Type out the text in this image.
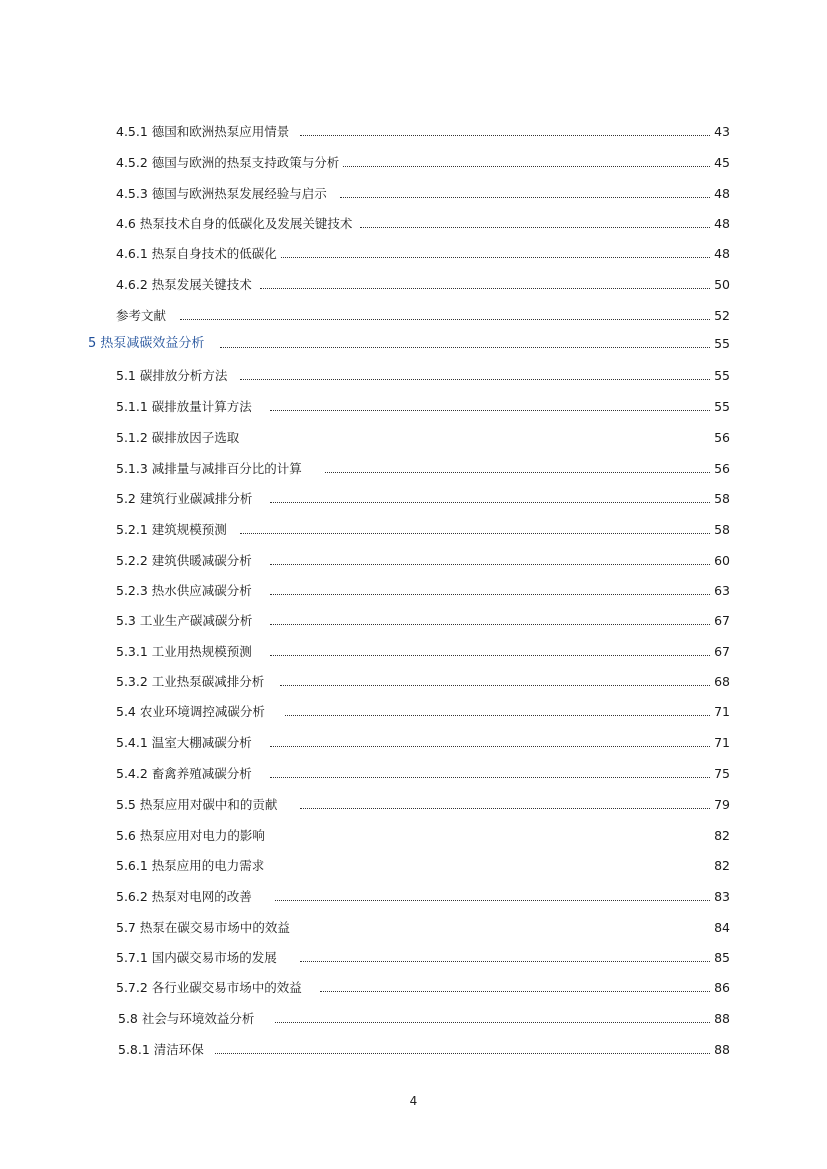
4.5.1 德国和欧洲热泵应用情景	43
4.5.2 德国与欧洲的热泵支持政策与分析	45
4.5.3 德国与欧洲热泵发展经验与启示	48
4.6 热泵技术自身的低碳化及发展关键技术	48
4.6.1 热泵自身技术的低碳化	48
4.6.2 热泵发展关键技术	50
参考文献	52
5 热泵减碳效益分析	55
5.1 碳排放分析方法	55
5.1.1 碳排放量计算方法	55
5.1.2 碳排放因子选取	56
5.1.3 减排量与减排百分比的计算	56
5.2 建筑行业碳减排分析	58
5.2.1 建筑规模预测	58
5.2.2 建筑供暖减碳分析	60
5.2.3 热水供应减碳分析	63
5.3 工业生产碳减碳分析	67
5.3.1 工业用热规模预测	67
5.3.2 工业热泵碳减排分析	68
5.4 农业环境调控减碳分析	71
5.4.1 温室大棚减碳分析	71
5.4.2 畜禽养殖减碳分析	75
5.5 热泵应用对碳中和的贡献	79
5.6 热泵应用对电力的影响	82
5.6.1 热泵应用的电力需求	82
5.6.2 热泵对电网的改善	83
5.7 热泵在碳交易市场中的效益	84
5.7.1 国内碳交易市场的发展	85
5.7.2 各行业碳交易市场中的效益	86
5.8 社会与环境效益分析	88
5.8.1 清洁环保	88
4
